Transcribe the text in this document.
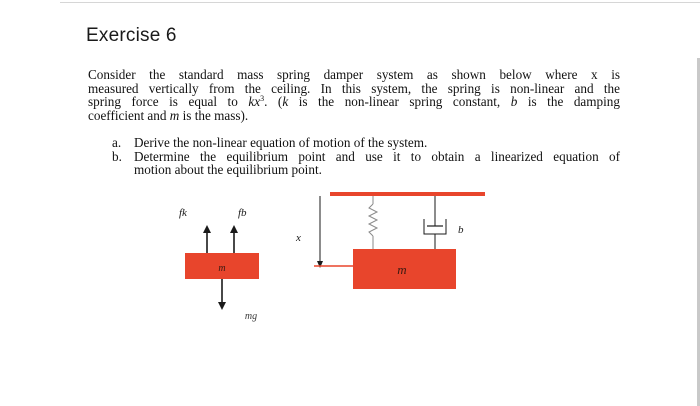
Exercise 6
Consider the standard mass spring damper system as shown below where x is
measured vertically from the ceiling. In this system, the spring is non-linear and the
spring force is equal to $kx^3$. (k is the non-linear spring constant, b is the damping
coefficient and m is the mass).
a. Derive the non-linear equation of motion of the system.
b. Determine the equilibrium point and use it to obtain a linearized equation of
motion about the equilibrium point.
fk	fb
m
mg
x
b
m
